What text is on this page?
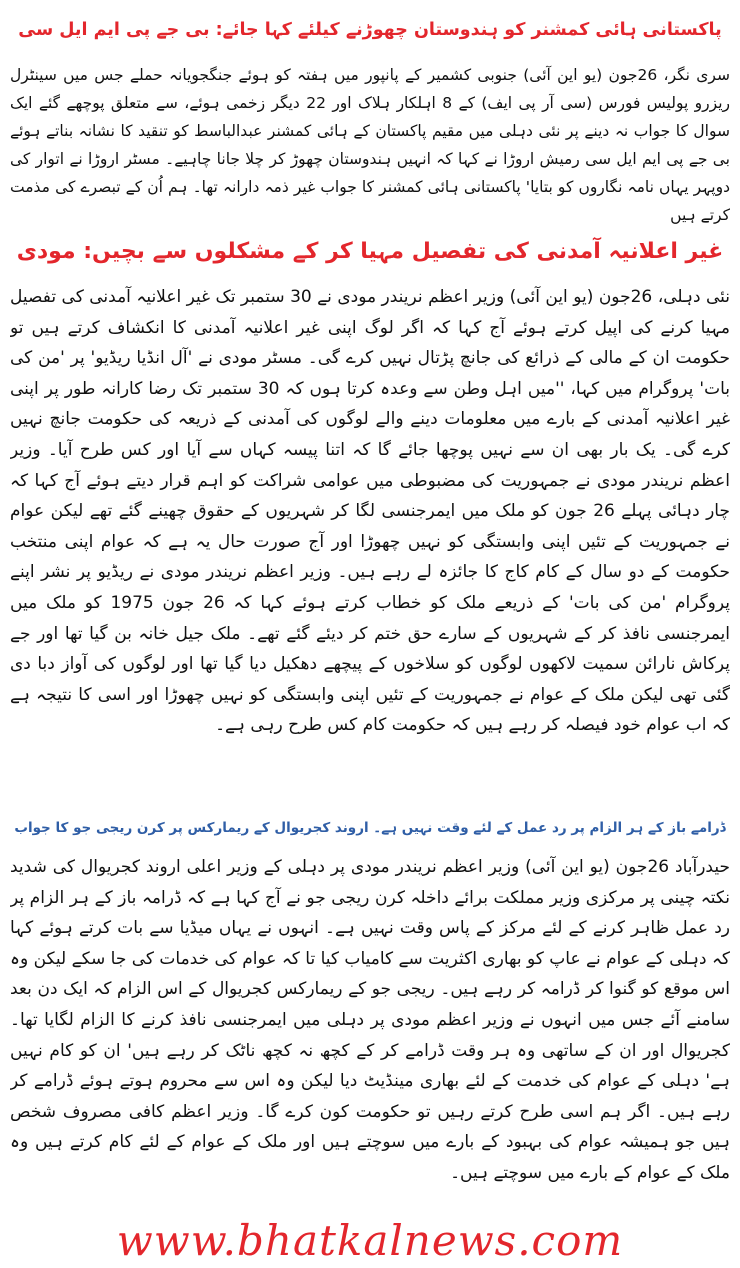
پاکستانی ہائی کمشنر کو ہندوستان چھوڑنے کیلئے کہا جائے: بی جے پی ایم ایل سی

سری نگر، 26جون (یو این آئی) جنوبی کشمیر کے پانپور میں ہفتہ کو ہوئے جنگجویانہ حملے جس میں سینٹرل ریزرو پولیس فورس (سی آر پی ایف) کے 8 اہلکار ہلاک اور 22 دیگر زخمی ہوئے، سے متعلق پوچھے گئے ایک سوال کا جواب نہ دینے پر نئی دہلی میں مقیم پاکستان کے ہائی کمشنر عبدالباسط کو تنقید کا نشانہ بناتے ہوئے بی جے پی ایم ایل سی رمیش اروڑا نے کہا کہ انہیں ہندوستان چھوڑ کر چلا جانا چاہیے۔ مسٹر اروڑا نے اتوار کی دوپہر یہاں نامہ نگاروں کو بتایا' پاکستانی ہائی کمشنر کا جواب غیر ذمہ دارانہ تھا۔ ہم اُن کے تبصرے کی مذمت کرتے ہیں

غیر اعلانیہ آمدنی کی تفصیل مہیا کر کے مشکلوں سے بچیں: مودی

نئی دہلی، 26جون (یو این آئی) وزیر اعظم نریندر مودی نے 30 ستمبر تک غیر اعلانیہ آمدنی کی تفصیل مہیا کرنے کی اپیل کرتے ہوئے آج کہا کہ اگر لوگ اپنی غیر اعلانیہ آمدنی کا انکشاف کرتے ہیں تو حکومت ان کے مالی کے ذرائع کی جانچ پڑتال نہیں کرے گی۔ مسٹر مودی نے 'آل انڈیا ریڈیو' پر 'من کی بات' پروگرام میں کہا، ''میں اہل وطن سے وعدہ کرتا ہوں کہ 30 ستمبر تک رضا کارانہ طور پر اپنی غیر اعلانیہ آمدنی کے بارے میں معلومات دینے والے لوگوں کی آمدنی کے ذریعہ کی حکومت جانچ نہیں کرے گی۔ یک بار بھی ان سے نہیں پوچھا جائے گا کہ اتنا پیسہ کہاں سے آیا اور کس طرح آیا۔ وزیر اعظم نریندر مودی نے جمہوریت کی مضبوطی میں عوامی شراکت کو اہم قرار دیتے ہوئے آج کہا کہ چار دہائی پہلے 26 جون کو ملک میں ایمرجنسی لگا کر شہریوں کے حقوق چھینے گئے تھے لیکن عوام نے جمہوریت کے تئیں اپنی وابستگی کو نہیں چھوڑا اور آج صورت حال یہ ہے کہ عوام اپنی منتخب حکومت کے دو سال کے کام کاج کا جائزہ لے رہے ہیں۔ وزیر اعظم نریندر مودی نے ریڈیو پر نشر اپنے پروگرام 'من کی بات' کے ذریعے ملک کو خطاب کرتے ہوئے کہا کہ 26 جون 1975 کو ملک میں ایمرجنسی نافذ کر کے شہریوں کے سارے حق ختم کر دیئے گئے تھے۔ ملک جیل خانہ بن گیا تھا اور جے پرکاش نارائن سمیت لاکھوں لوگوں کو سلاخوں کے پیچھے دھکیل دیا گیا تھا اور لوگوں کی آواز دبا دی گئی تھی لیکن ملک کے عوام نے جمہوریت کے تئیں اپنی وابستگی کو نہیں چھوڑا اور اسی کا نتیجہ ہے کہ اب عوام خود فیصلہ کر رہے ہیں کہ حکومت کام کس طرح رہی ہے۔

ڈرامے باز کے ہر الزام پر رد عمل کے لئے وقت نہیں ہے۔ اروند کجریوال کے ریمارکس پر کرن ریجی جو کا جواب

حیدرآباد 26جون (یو این آئی) وزیر اعظم نریندر مودی پر دہلی کے وزیر اعلی اروند کجریوال کی شدید نکتہ چینی پر مرکزی وزیر مملکت برائے داخلہ کرن ریجی جو نے آج کہا ہے کہ ڈرامہ باز کے ہر الزام پر رد عمل ظاہر کرنے کے لئے مرکز کے پاس وقت نہیں ہے۔ انہوں نے یہاں میڈیا سے بات کرتے ہوئے کہا کہ دہلی کے عوام نے عاپ کو بھاری اکثریت سے کامیاب کیا تا کہ عوام کی خدمات کی جا سکے لیکن وہ اس موقع کو گنوا کر ڈرامہ کر رہے ہیں۔ ریجی جو کے ریمارکس کجریوال کے اس الزام کہ ایک دن بعد سامنے آئے جس میں انہوں نے وزیر اعظم مودی پر دہلی میں ایمرجنسی نافذ کرنے کا الزام لگایا تھا۔ کجریوال اور ان کے ساتھی وہ ہر وقت ڈرامے کر کے کچھ نہ کچھ ناٹک کر رہے ہیں' ان کو کام نہیں ہے' دہلی کے عوام کی خدمت کے لئے بھاری مینڈیٹ دیا لیکن وہ اس سے محروم ہوتے ہوئے ڈرامے کر رہے ہیں۔ اگر ہم اسی طرح کرتے رہیں تو حکومت کون کرے گا۔ وزیر اعظم کافی مصروف شخص ہیں جو ہمیشہ عوام کی بہبود کے بارے میں سوچتے ہیں اور ملک کے عوام کے لئے کام کرتے ہیں وہ ملک کے عوام کے بارے میں سوچتے ہیں۔

www.bhatkalnews.com
